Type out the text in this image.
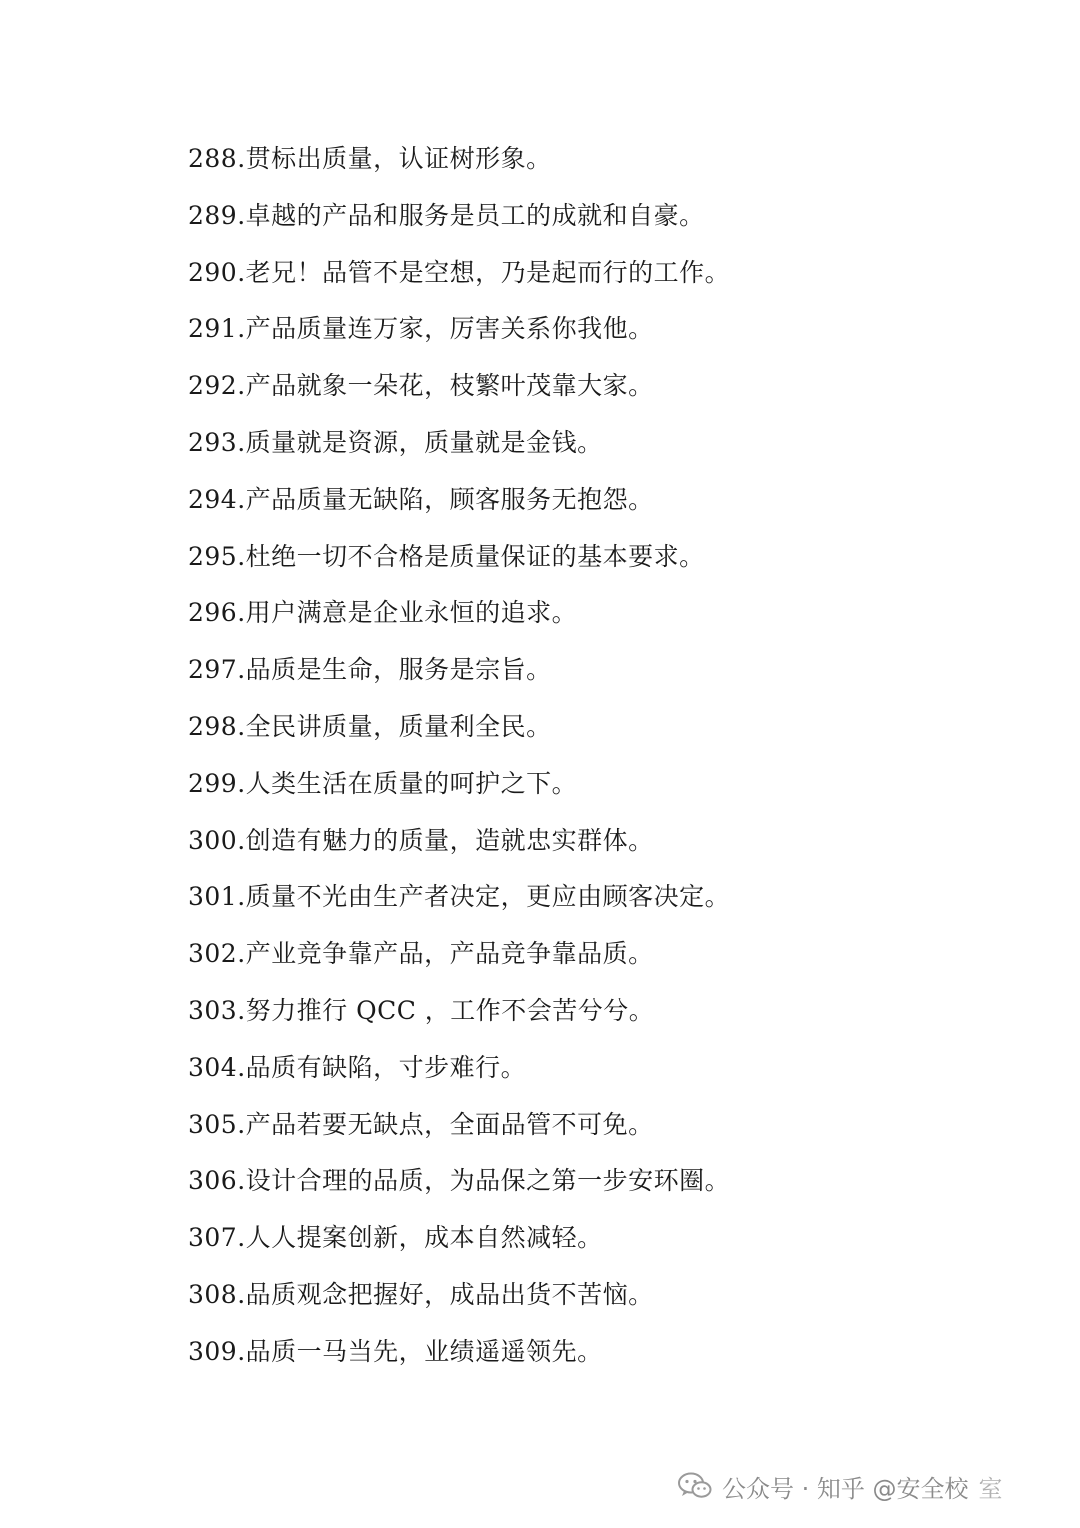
288.贯标出质量，认证树形象。
289.卓越的产品和服务是员工的成就和自豪。
290.老兄！品管不是空想，乃是起而行的工作。
291.产品质量连万家，厉害关系你我他。
292.产品就象一朵花，枝繁叶茂靠大家。
293.质量就是资源，质量就是金钱。
294.产品质量无缺陷，顾客服务无抱怨。
295.杜绝一切不合格是质量保证的基本要求。
296.用户满意是企业永恒的追求。
297.品质是生命，服务是宗旨。
298.全民讲质量，质量利全民。
299.人类生活在质量的呵护之下。
300.创造有魅力的质量，造就忠实群体。
301.质量不光由生产者决定，更应由顾客决定。
302.产业竞争靠产品，产品竞争靠品质。
303.努力推行 QCC ，工作不会苦兮兮。
304.品质有缺陷，寸步难行。
305.产品若要无缺点，全面品管不可免。
306.设计合理的品质，为品保之第一步安环圈。
307.人人提案创新，成本自然减轻。
308.品质观念把握好，成品出货不苦恼。
309.品质一马当先，业绩遥遥领先。
公众号 · 知乎 @安全校 室
